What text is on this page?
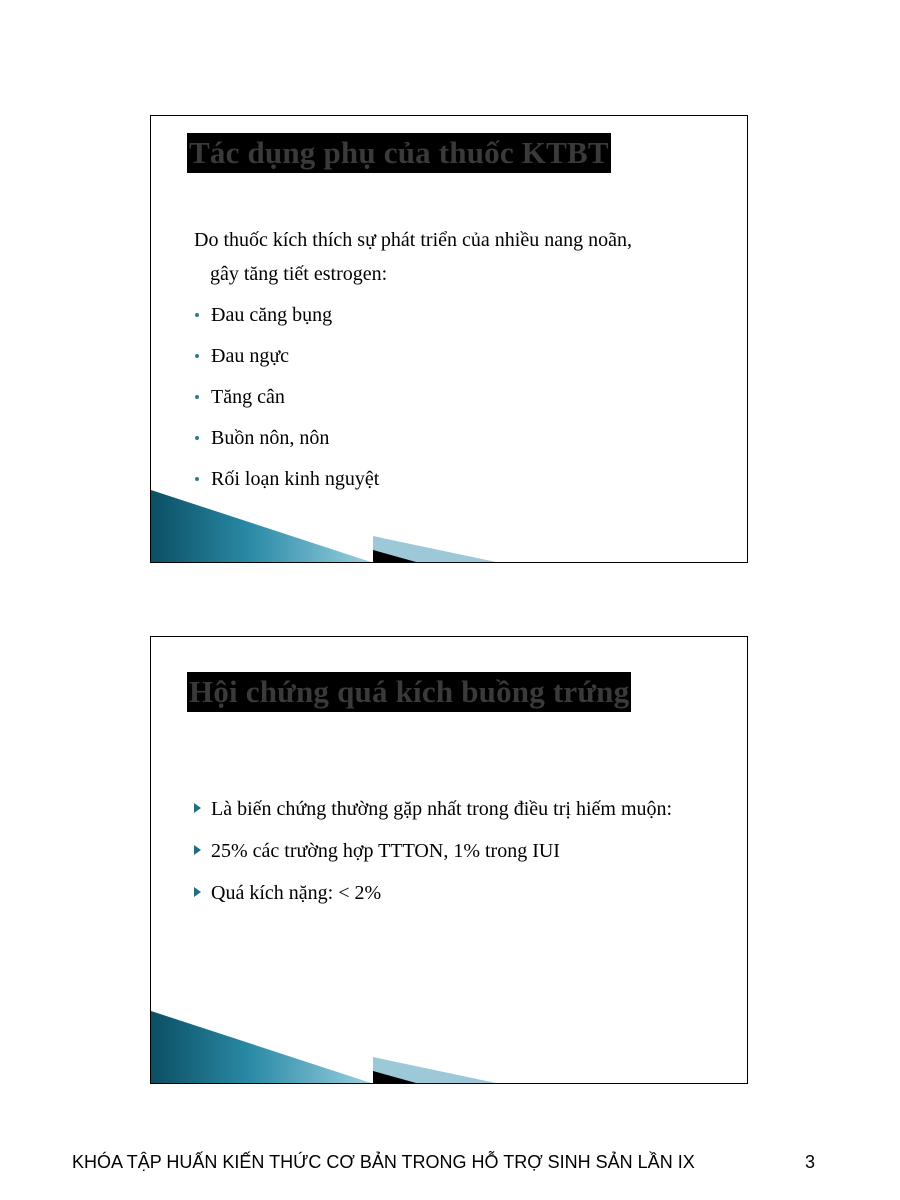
Tác dụng phụ của thuốc KTBT
Do thuốc kích thích sự phát triển của nhiều nang noãn,
gây tăng tiết estrogen:
Đau căng bụng
Đau ngực
Tăng cân
Buồn nôn, nôn
Rối loạn kinh nguyệt
Hội chứng quá kích buồng trứng
Là biến chứng thường gặp nhất trong điều trị hiếm muộn:
25% các trường hợp TTTON, 1% trong IUI
Quá kích nặng: < 2%
KHÓA TẬP HUẤN KIẾN THỨC CƠ BẢN TRONG HỖ TRỢ SINH SẢN LẦN IX	3
